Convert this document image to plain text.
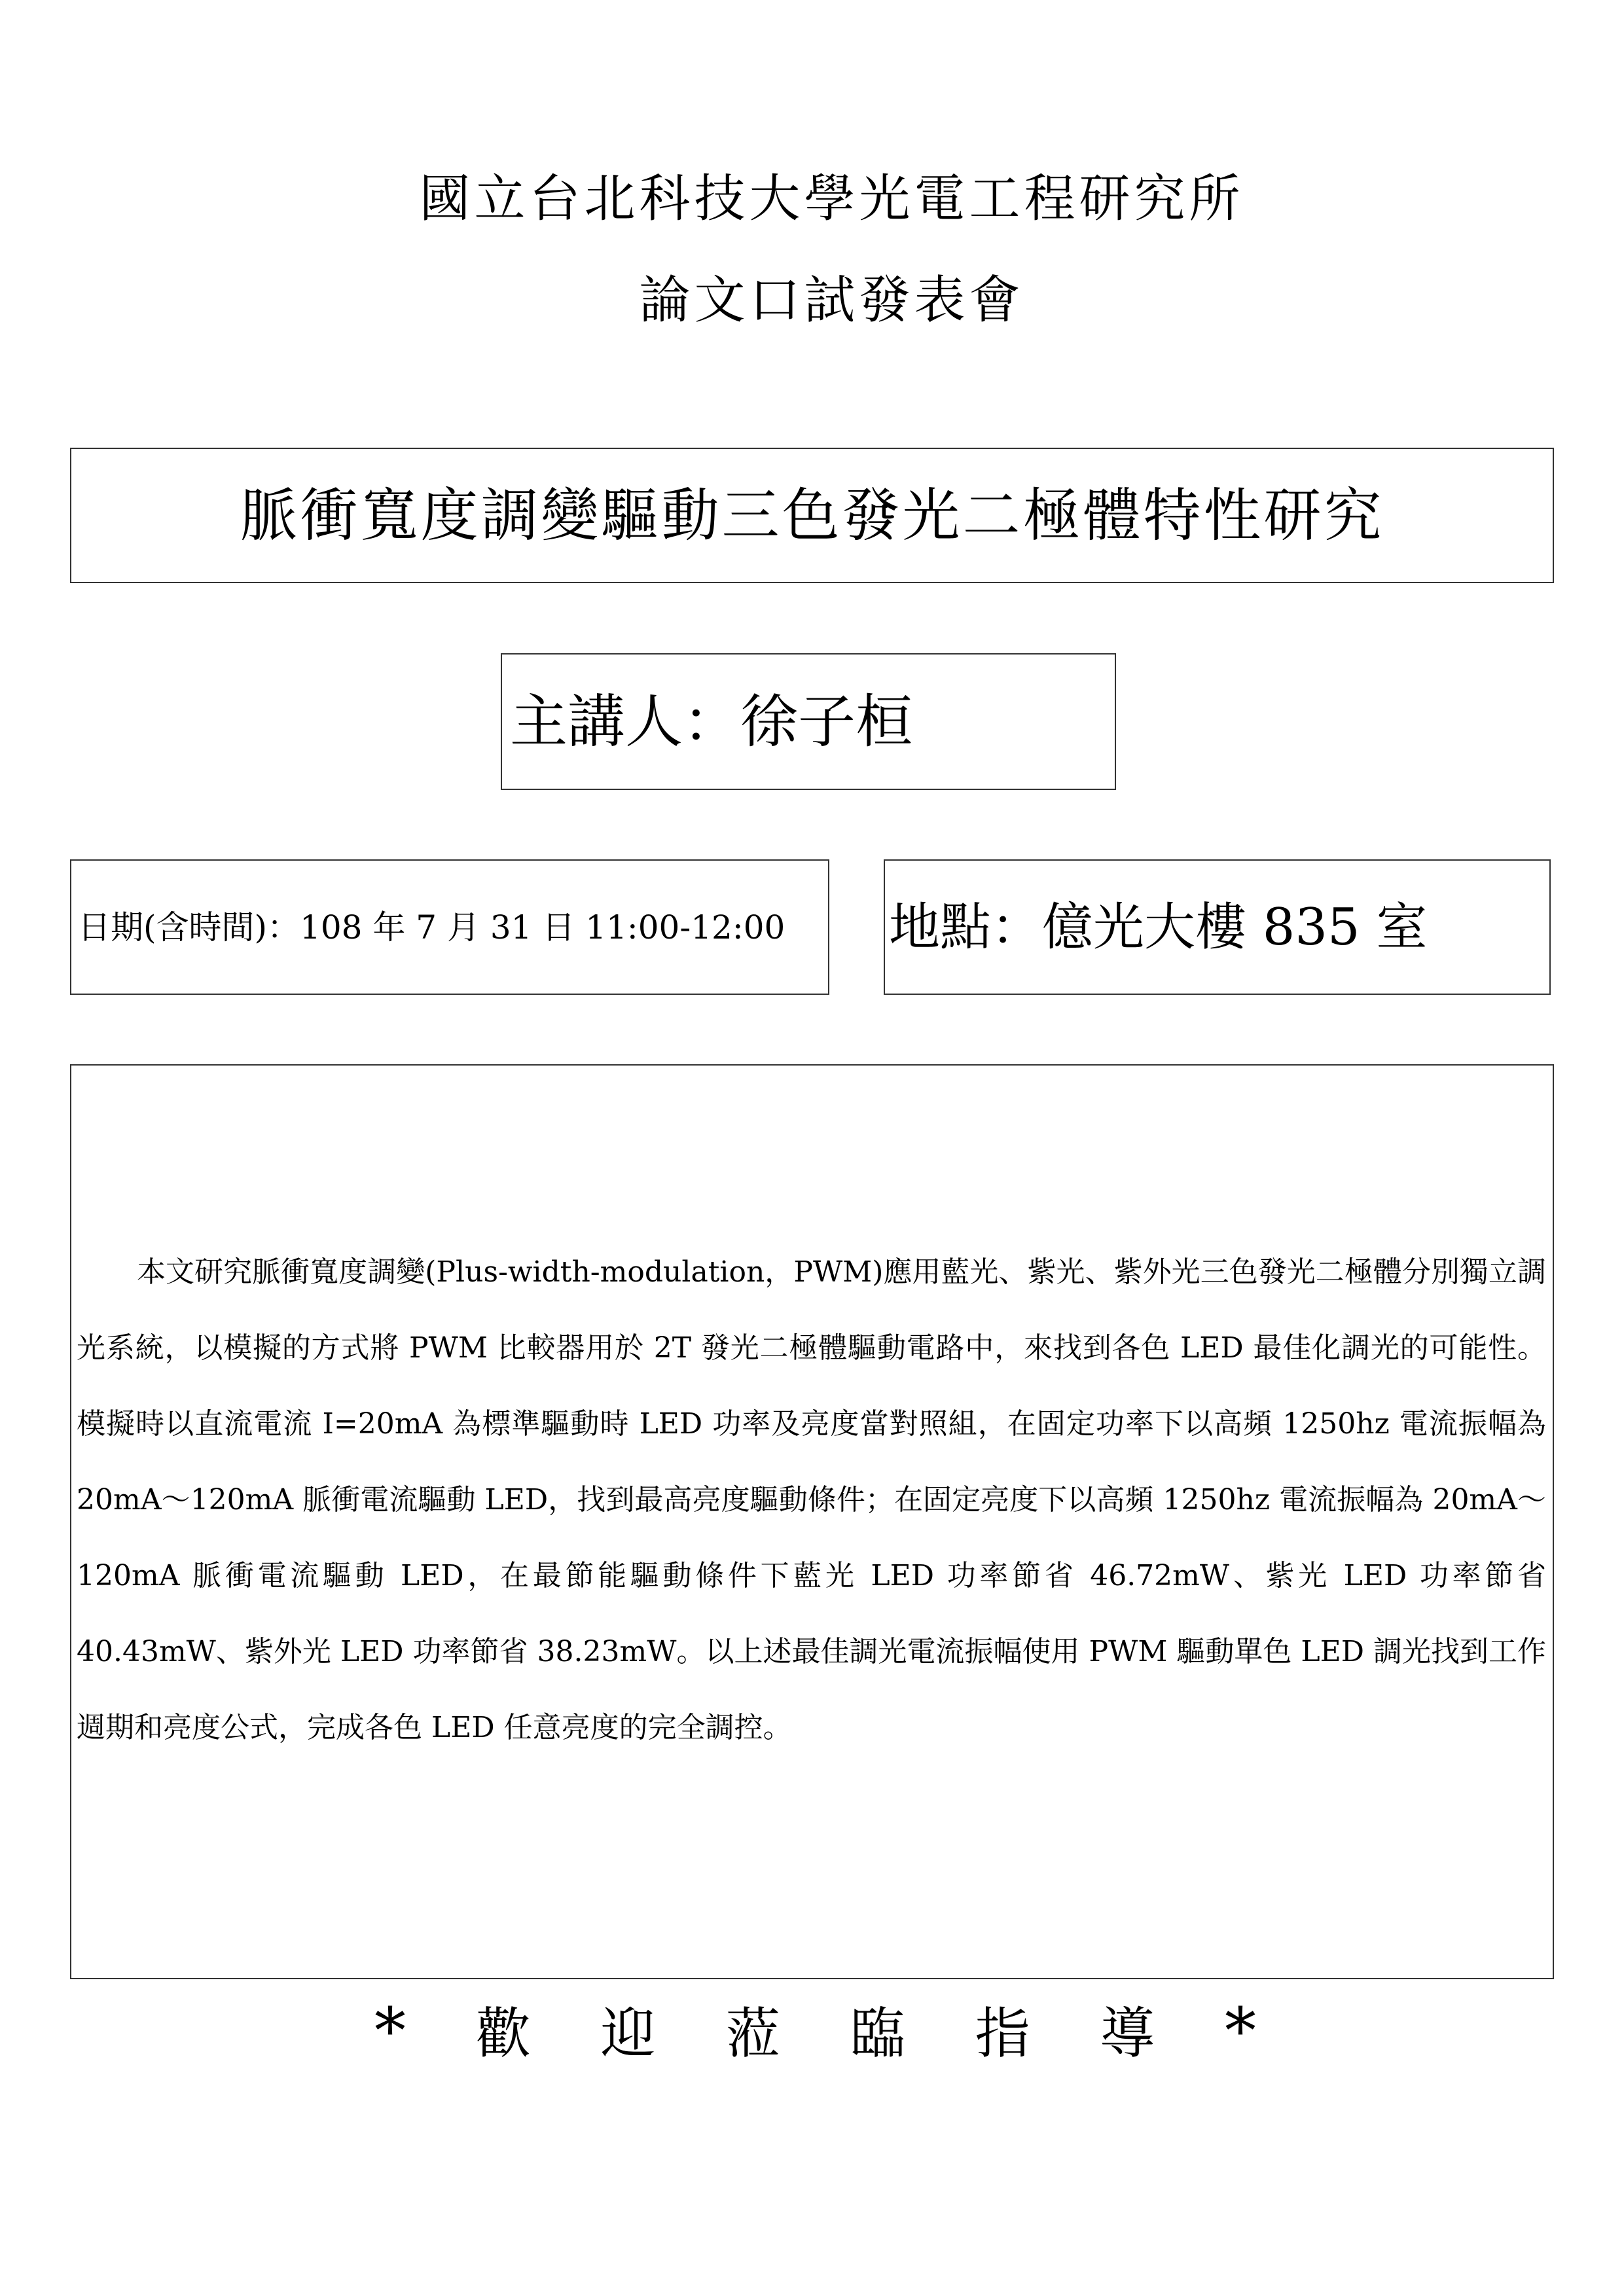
國立台北科技大學光電工程研究所
論文口試發表會
脈衝寬度調變驅動三色發光二極體特性研究
主講人：徐子桓
日期(含時間)：108 年 7 月 31 日 11:00-12:00 地點：億光大樓 835 室

本文研究脈衝寬度調變(Plus-width-modulation，PWM)應用藍光、紫光、紫外光三色發光二極體分別獨立調光系統，以模擬的方式將 PWM 比較器用於 2T 發光二極體驅動電路中，來找到各色 LED 最佳化調光的可能性。模擬時以直流電流 I=20mA 為標準驅動時 LED 功率及亮度當對照組，在固定功率下以高頻 1250hz 電流振幅為 20mA～120mA 脈衝電流驅動 LED，找到最高亮度驅動條件；在固定亮度下以高頻 1250hz 電流振幅為 20mA～120mA 脈衝電流驅動 LED，在最節能驅動條件下藍光 LED 功率節省 46.72mW、紫光 LED 功率節省 40.43mW、紫外光 LED 功率節省 38.23mW。以上述最佳調光電流振幅使用 PWM 驅動單色 LED 調光找到工作週期和亮度公式，完成各色 LED 任意亮度的完全調控。

* 歡 迎 蒞 臨 指 導 *
